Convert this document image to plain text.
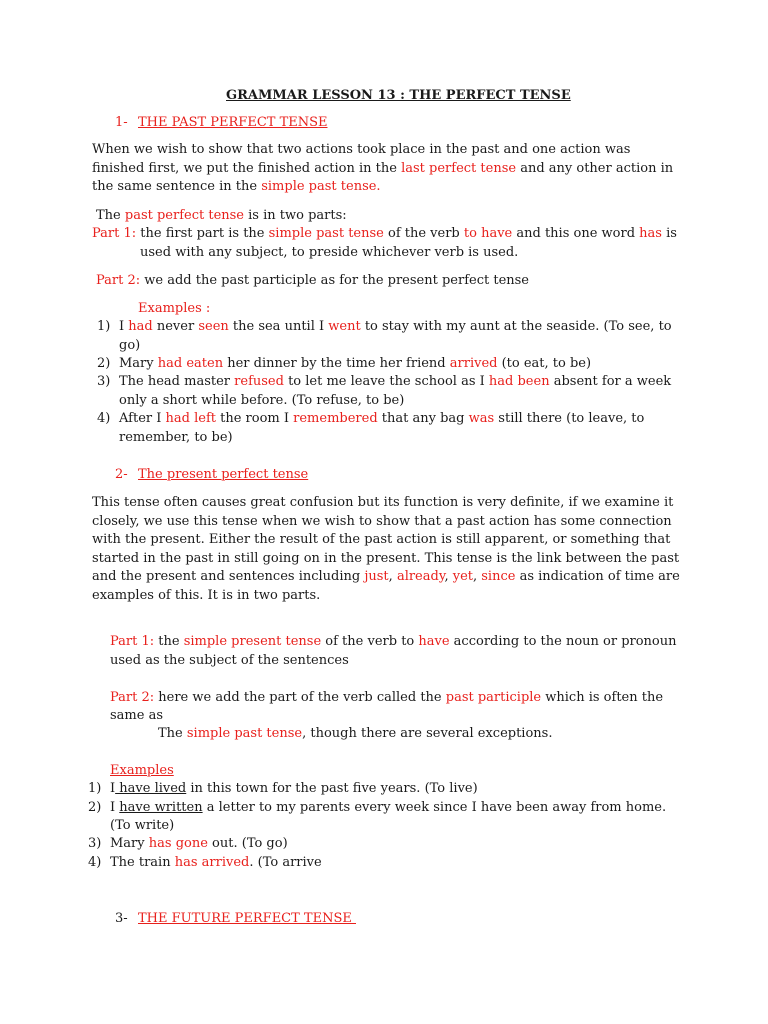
GRAMMAR LESSON 13 : THE PERFECT TENSE
1- THE PAST PERFECT TENSE
When we wish to show that two actions took place in the past and one action was
finished first, we put the finished action in the last perfect tense and any other action in
the same sentence in the simple past tense.
The past perfect tense is in two parts:
Part 1: the first part is the simple past tense of the verb to have and this one word has is
used with any subject, to preside whichever verb is used.
Part 2: we add the past participle as for the present perfect tense
Examples :
1) I had never seen the sea until I went to stay with my aunt at the seaside. (To see, to
go)
2) Mary had eaten her dinner by the time her friend arrived (to eat, to be)
3) The head master refused to let me leave the school as I had been absent for a week
only a short while before. (To refuse, to be)
4) After I had left the room I remembered that any bag was still there (to leave, to
remember, to be)
2- The present perfect tense
This tense often causes great confusion but its function is very definite, if we examine it
closely, we use this tense when we wish to show that a past action has some connection
with the present. Either the result of the past action is still apparent, or something that
started in the past in still going on in the present. This tense is the link between the past
and the present and sentences including just, already, yet, since as indication of time are
examples of this. It is in two parts.
Part 1: the simple present tense of the verb to have according to the noun or pronoun
used as the subject of the sentences
Part 2: here we add the part of the verb called the past participle which is often the
same as
The simple past tense, though there are several exceptions.
Examples
1) I have lived in this town for the past five years. (To live)
2) I have written a letter to my parents every week since I have been away from home.
(To write)
3) Mary has gone out. (To go)
4) The train has arrived. (To arrive
3- THE FUTURE PERFECT TENSE
